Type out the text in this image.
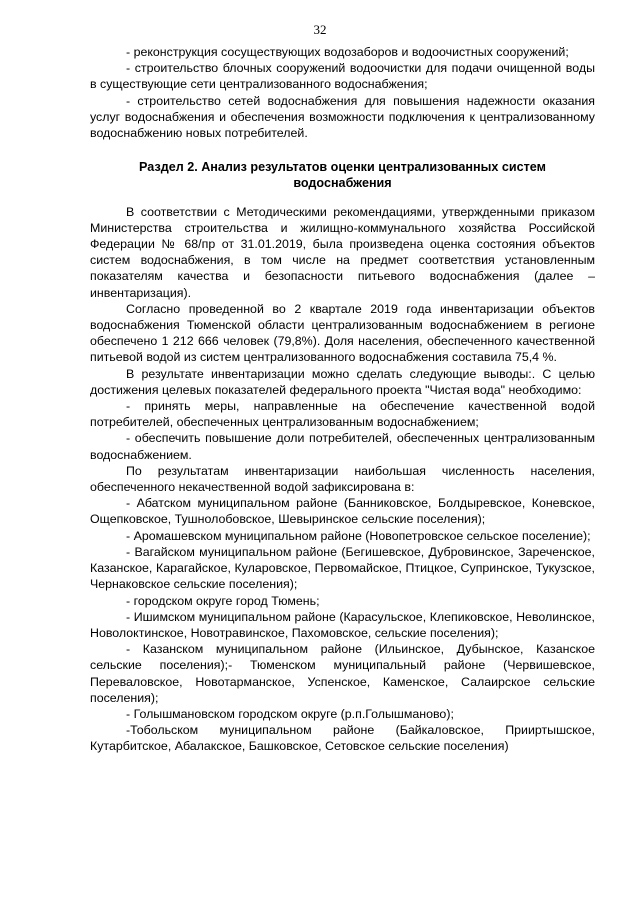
32

- реконструкция сосуществующих водозаборов и водоочистных сооружений;

- строительство блочных сооружений водоочистки для подачи очищенной воды в существующие сети централизованного водоснабжения;

- строительство сетей водоснабжения для повышения надежности оказания услуг водоснабжения и обеспечения возможности подключения к централизованному водоснабжению новых потребителей.

Раздел 2. Анализ результатов оценки централизованных систем
водоснабжения

В соответствии с Методическими рекомендациями, утвержденными приказом Министерства строительства и жилищно-коммунального хозяйства Российской Федерации № 68/пр от 31.01.2019, была произведена оценка состояния объектов систем водоснабжения, в том числе на предмет соответствия установленным показателям качества и безопасности питьевого водоснабжения (далее – инвентаризация).

Согласно проведенной во 2 квартале 2019 года инвентаризации объектов водоснабжения Тюменской области централизованным водоснабжением в регионе обеспечено 1 212 666 человек (79,8%). Доля населения, обеспеченного качественной питьевой водой из систем централизованного водоснабжения составила 75,4 %.

В результате инвентаризации можно сделать следующие выводы:. С целью достижения целевых показателей федерального проекта "Чистая вода" необходимо:

- принять меры, направленные на обеспечение качественной водой потребителей, обеспеченных централизованным водоснабжением;

- обеспечить повышение доли потребителей, обеспеченных централизованным водоснабжением.

По результатам инвентаризации наибольшая численность населения, обеспеченного некачественной водой зафиксирована в:

- Абатском муниципальном районе (Банниковское, Болдыревское, Коневское, Ощепковское, Тушнолобовское, Шевыринское сельские поселения);

- Аромашевском муниципальном районе (Новопетровское сельское поселение);

- Вагайском муниципальном районе (Бегишевское, Дубровинское, Зареченское, Казанское, Карагайское, Куларовское, Первомайское, Птицкое, Супринское, Тукузское, Чернаковское сельские поселения);

- городском округе город Тюмень;

- Ишимском муниципальном районе (Карасульское, Клепиковское, Неволинское, Новолоктинское, Новотравинское, Пахомовское, сельские поселения);

- Казанском муниципальном районе (Ильинское, Дубынское, Казанское сельские поселения);- Тюменском муниципальный районе (Червишевское, Переваловское, Новотарманское, Успенское, Каменское, Салаирское сельские поселения);

- Голышмановском городском округе (р.п.Голышманово);

-Тобольском муниципальном районе (Байкаловское, Прииртышское, Кутарбитское, Абалакское, Башковское, Сетовское сельские поселения)
